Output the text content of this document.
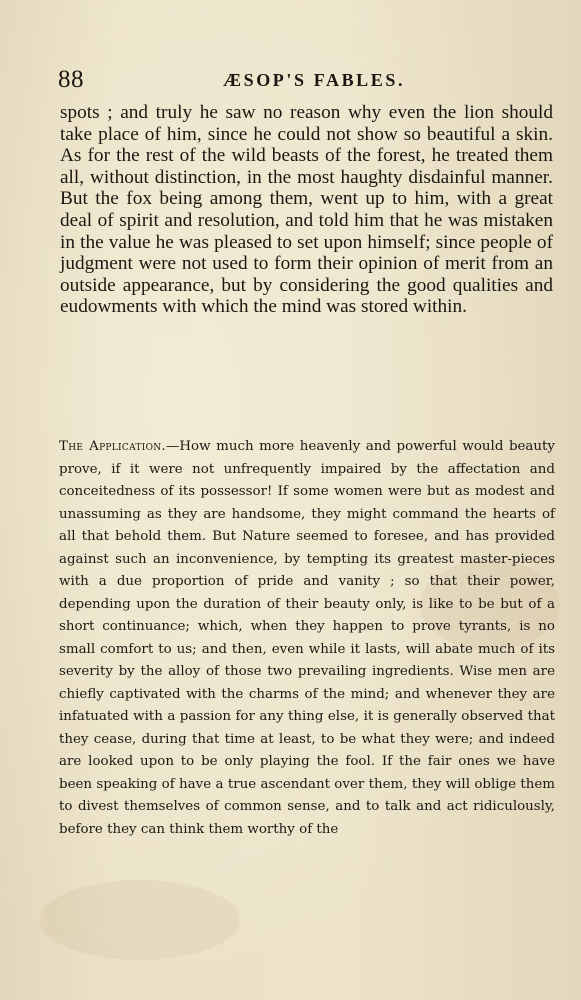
88	ÆSOP'S FABLES.

spots ; and truly he saw no reason why even the lion should take place of him, since he could not show so beautiful a skin. As for the rest of the wild beasts of the forest, he treated them all, without distinction, in the most haughty disdainful manner. But the fox being among them, went up to him, with a great deal of spirit and resolution, and told him that he was mistaken in the value he was pleased to set upon himself; since people of judgment were not used to form their opinion of merit from an outside appearance, but by considering the good qualities and eudowments with which the mind was stored within.

The Application.—How much more heavenly and powerful would beauty prove, if it were not unfrequently impaired by the affectation and conceitedness of its possessor! If some women were but as modest and unassuming as they are handsome, they might command the hearts of all that behold them. But Nature seemed to foresee, and has provided against such an inconvenience, by tempting its greatest master-pieces with a due proportion of pride and vanity ; so that their power, depending upon the duration of their beauty only, is like to be but of a short continuance; which, when they happen to prove tyrants, is no small comfort to us; and then, even while it lasts, will abate much of its severity by the alloy of those two prevailing ingredients. Wise men are chiefly captivated with the charms of the mind; and whenever they are infatuated with a passion for any thing else, it is generally observed that they cease, during that time at least, to be what they were; and indeed are looked upon to be only playing the fool. If the fair ones we have been speaking of have a true ascendant over them, they will oblige them to divest themselves of common sense, and to talk and act ridiculously, before they can think them worthy of the
